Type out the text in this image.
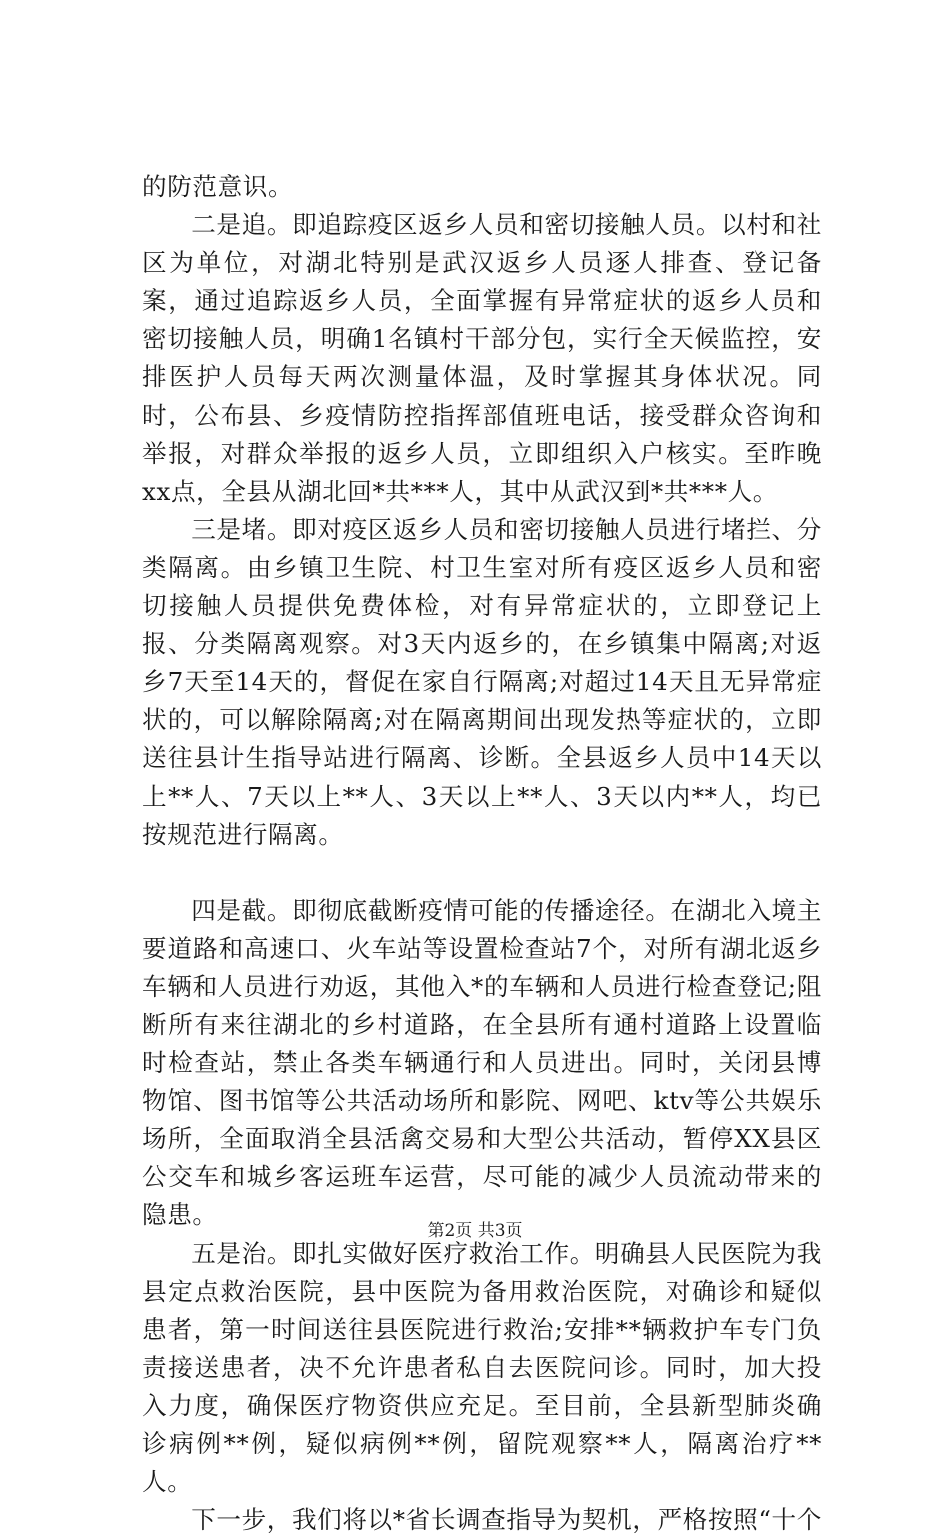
的防范意识。

二是追。即追踪疫区返乡人员和密切接触人员。以村和社区为单位，对湖北特别是武汉返乡人员逐人排查、登记备案，通过追踪返乡人员，全面掌握有异常症状的返乡人员和密切接触人员，明确1名镇村干部分包，实行全天候监控，安排医护人员每天两次测量体温，及时掌握其身体状况。同时，公布县、乡疫情防控指挥部值班电话，接受群众咨询和举报，对群众举报的返乡人员，立即组织入户核实。至昨晚xx点，全县从湖北回*共***人，其中从武汉到*共***人。

三是堵。即对疫区返乡人员和密切接触人员进行堵拦、分类隔离。由乡镇卫生院、村卫生室对所有疫区返乡人员和密切接触人员提供免费体检，对有异常症状的，立即登记上报、分类隔离观察。对3天内返乡的，在乡镇集中隔离;对返乡7天至14天的，督促在家自行隔离;对超过14天且无异常症状的，可以解除隔离;对在隔离期间出现发热等症状的，立即送往县计生指导站进行隔离、诊断。全县返乡人员中14天以上**人、7天以上**人、3天以上**人、3天以内**人，均已按规范进行隔离。

四是截。即彻底截断疫情可能的传播途径。在湖北入境主要道路和高速口、火车站等设置检查站7个，对所有湖北返乡车辆和人员进行劝返，其他入*的车辆和人员进行检查登记;阻断所有来往湖北的乡村道路，在全县所有通村道路上设置临时检查站，禁止各类车辆通行和人员进出。同时，关闭县博物馆、图书馆等公共活动场所和影院、网吧、ktv等公共娱乐场所，全面取消全县活禽交易和大型公共活动，暂停XX县区公交车和城乡客运班车运营，尽可能的减少人员流动带来的隐患。

五是治。即扎实做好医疗救治工作。明确县人民医院为我县定点救治医院，县中医院为备用救治医院，对确诊和疑似患者，第一时间送往县医院进行救治;安排**辆救护车专门负责接送患者，决不允许患者私自去医院问诊。同时，加大投入力度，确保医疗物资供应充足。至目前，全县新型肺炎确诊病例**例，疑似病例**例，留院观察**人，隔离治疗**人。

下一步，我们将以*省长调查指导为契机，严格按照“十个

第2页 共3页
